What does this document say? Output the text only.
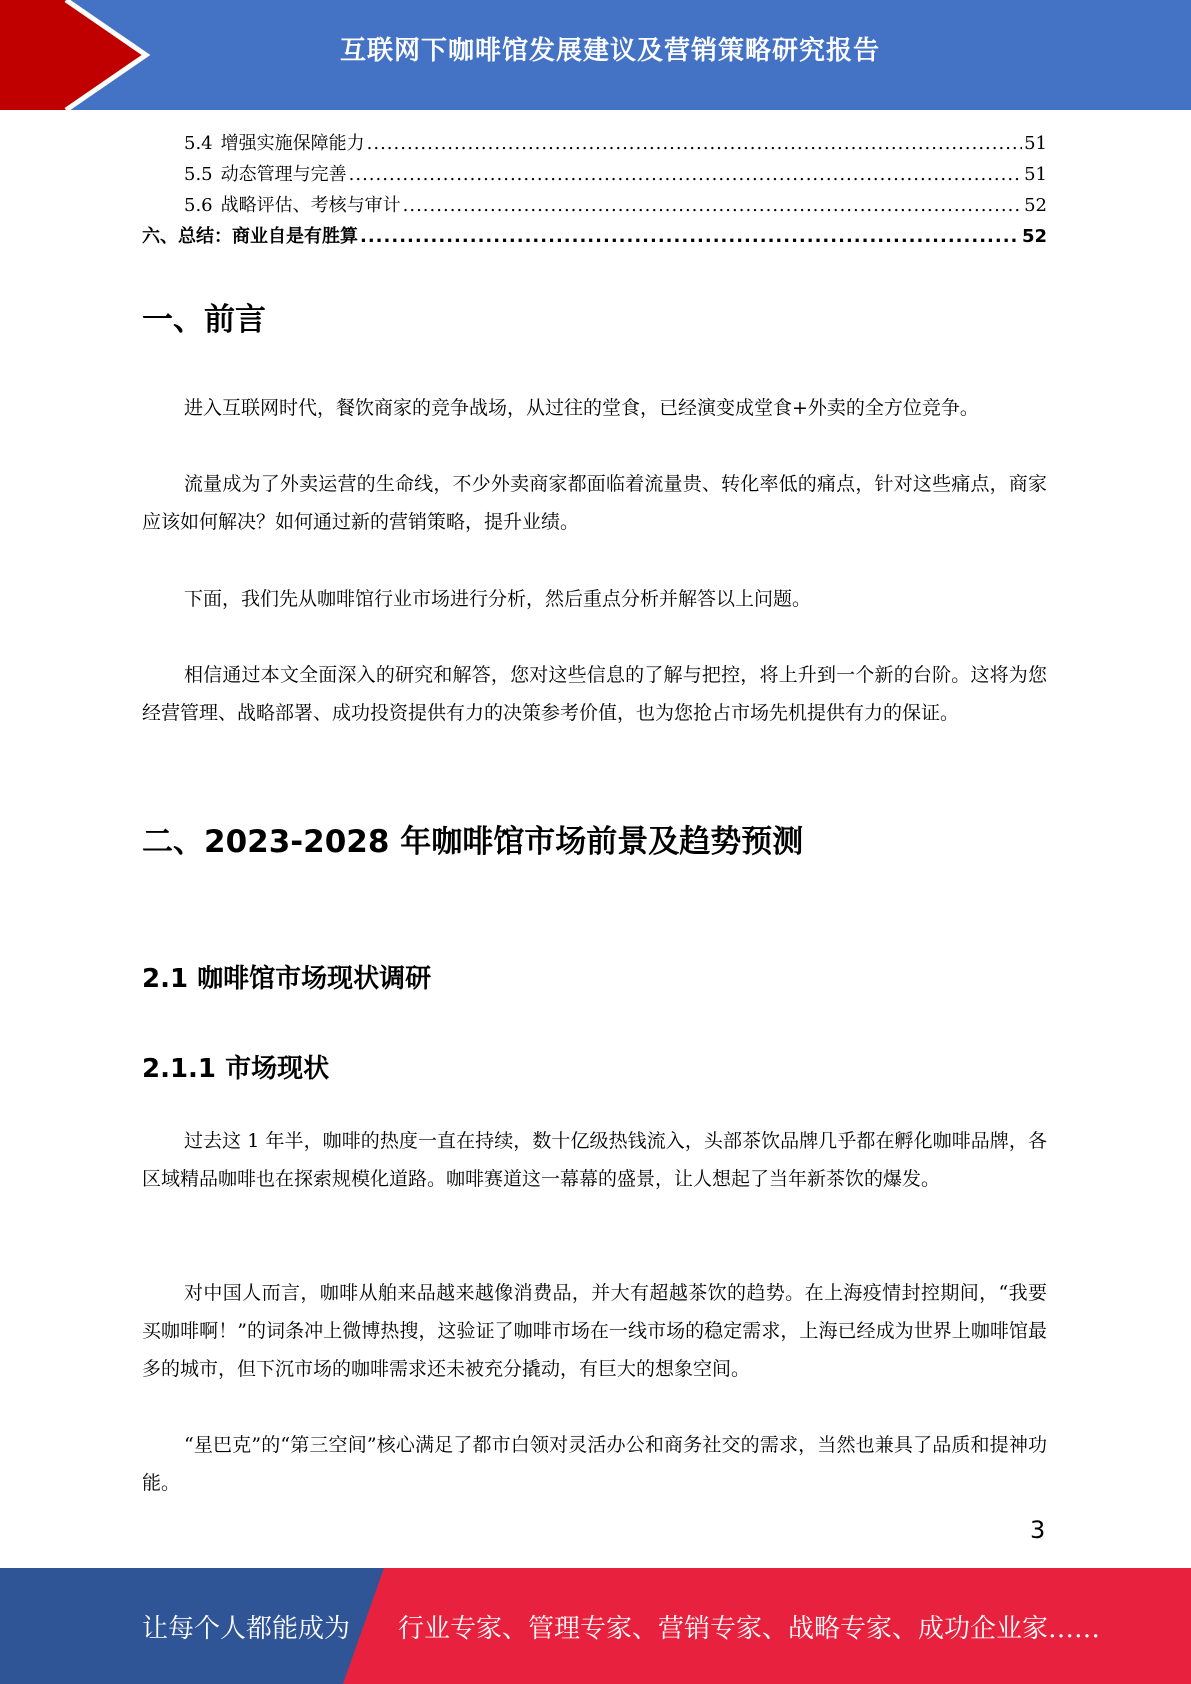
互联网下咖啡馆发展建议及营销策略研究报告
5.4 增强实施保障能力 .....	51
5.5 动态管理与完善 .....	51
5.6 战略评估、考核与审计 .....	52
六、总结：商业自是有胜算 .....	52
一、前言

进入互联网时代，餐饮商家的竞争战场，从过往的堂食，已经演变成堂食+外卖的全方位竞争。

流量成为了外卖运营的生命线，不少外卖商家都面临着流量贵、转化率低的痛点，针对这些痛点，商家应该如何解决？如何通过新的营销策略，提升业绩。

下面，我们先从咖啡馆行业市场进行分析，然后重点分析并解答以上问题。

相信通过本文全面深入的研究和解答，您对这些信息的了解与把控，将上升到一个新的台阶。这将为您经营管理、战略部署、成功投资提供有力的决策参考价值，也为您抢占市场先机提供有力的保证。

二、2023-2028 年咖啡馆市场前景及趋势预测
2.1 咖啡馆市场现状调研
2.1.1 市场现状

过去这 1 年半，咖啡的热度一直在持续，数十亿级热钱流入，头部茶饮品牌几乎都在孵化咖啡品牌，各区域精品咖啡也在探索规模化道路。咖啡赛道这一幕幕的盛景，让人想起了当年新茶饮的爆发。

对中国人而言，咖啡从舶来品越来越像消费品，并大有超越茶饮的趋势。在上海疫情封控期间，“我要买咖啡啊！”的词条冲上微博热搜，这验证了咖啡市场在一线市场的稳定需求，上海已经成为世界上咖啡馆最多的城市，但下沉市场的咖啡需求还未被充分撬动，有巨大的想象空间。

“星巴克”的“第三空间”核心满足了都市白领对灵活办公和商务社交的需求，当然也兼具了品质和提神功能。

3
让每个人都能成为 行业专家、管理专家、营销专家、战略专家、成功企业家……
